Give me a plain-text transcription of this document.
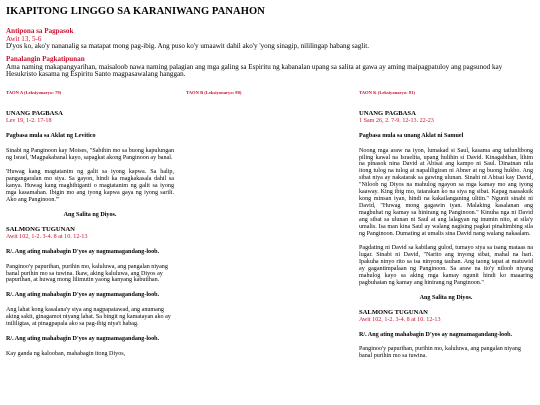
IKAPITONG LINGGO SA KARANIWANG PANAHON
Antipona sa Pagpasok
Awit 13, 5-6
D'yos ko, ako'y nananalig sa matapat mong pag-ibig. Ang puso ko'y umaawit dahil ako'y 'yong sinagip, nililingap habang saglit.
Panalangin Pagkatipunan
Ama naming makapangyarihan, maisaloob nawa naming palagian ang mga galing sa Espiritu ng kabanalan upang sa salita at gawa ay aming maipagpatuloy ang pagsunod kay Hesukristo kasama ng Espiritu Santo magpasawalang hanggan.
TAON A (Leksiyonaryo: 79)
UNANG PAGBASA
Lev 19, 1-2. 17-18
Pagbasa mula sa Aklat ng Levitico
Sinabi ng Panginoon kay Moises, "Sabihin mo sa buong kapulungan ng Israel, 'Magpakabanal kayo, sapagkat akong Panginoon ay banal.
'Huwag kang magtatanim ng galit sa iyong kapwa. Sa halip, pangangaralan mo siya. Sa gayon, hindi ka magkakasala dahil sa kanya. Huwag kang maghihiganti o magtatanim ng galit sa iyong mga kasamahan. Ibigin mo ang iyong kapwa gaya ng iyong sarili. Ako ang Panginoon.'"
Ang Salita ng Diyos.
SALMONG TUGUNAN
Awit 102, 1-2. 3-4. 8 at 10. 12-13
R/. Ang ating mahabagin D'yos ay nagmamagandang-loob.
Panginoo'y papurihan, purihin mo, kaluluwa, ang pangalan niyang banal purihin mo sa tuwina. Ikaw, aking kaluluwa, ang Diyos ay papurihan, at huwag mong lilimutin yaong kanyang kabutihan.
R/. Ang ating mahabagin D'yos ay nagmamagandang-loob.
Ang lahat kong kasalana'y siya ang nagpapatawad, ang anumang aking sakit, ginagamot niyang lahat. Sa bingit ng kamatayan ako ay inililigtas, at pinagpapala ako sa pag-ibig niya't habag.
R/. Ang ating mahabagin D'yos ay nagmamagandang-loob.
Kay ganda ng kalooban, mahabagin itong Diyos,
TAON B (Leksiyonaryo: 80)	TAON K (Leksiyonaryo: 81)
UNANG PAGBASA
1 Sam 26, 2. 7-9. 12-13. 22-23
Pagbasa mula sa unang Aklat ni Samuel
Noong mga araw na iyon, lumakad si Saul, kasama ang tatlunlibong piling kawal na Israelita, upang hulihin si David. Kinagabihan, lihim na pinasok nina David at Abisai ang kampo ni Saul. Dinatnan nila itong tulog na tulog at napaliligiran ni Abner at ng buong hukbo. Ang sibat niya ay nakatarak sa gawing ulunan. Sinabi ni Abisai kay David, "Niloob ng Diyos na mahulog ngayon sa mga kamay mo ang iyong kaaway. King ibig mo, tatarakan ko na siya ng sibat. Kapag naasaksik kong minsan iyan, hindi na kakailanganing ulitin." Ngunit sinabi ni David, "Huwag mong gagawin iyan. Malaking kasalanan ang magbuhat ng kamay sa hinirang ng Panginoon." Kinuha nga ni David ang sibat sa ulunan ni Saul at ang lalagyan ng inumin nito, at sila'y umalis. Isa man kina Saul ay walang nagising pagkat pinahimbing sila ng Panginoon. Dumating at umalis sina David nang walang nakaalam.
Pagdating ni David sa kabilang gulod, tumayo siya sa isang mataas na lugar. Sinabi ni David, "Narito ang inyong sibat, mahal na hari. Ipakuha ninyo rito sa isa ninyong tauhan. Ang taong tapat at matuwid ay gagantimpalaan ng Panginoon. Sa araw na ito'y niloob niyang mahulog kayo sa aking mga kamay ngunit hindi ko maaaring pagbuhatan ng kamay ang hinirang ng Panginoon."
Ang Salita ng Diyos.
SALMONG TUGUNAN
Awit 102, 1-2. 3-4. 8 at 10. 12-13
R/. Ang ating mahabagin D'yos ay nagmamagandang-loob.
Panginoo'y papurihan, purihin mo, kaluluwa, ang pangalan niyang banal purihin mo sa tuwina.
